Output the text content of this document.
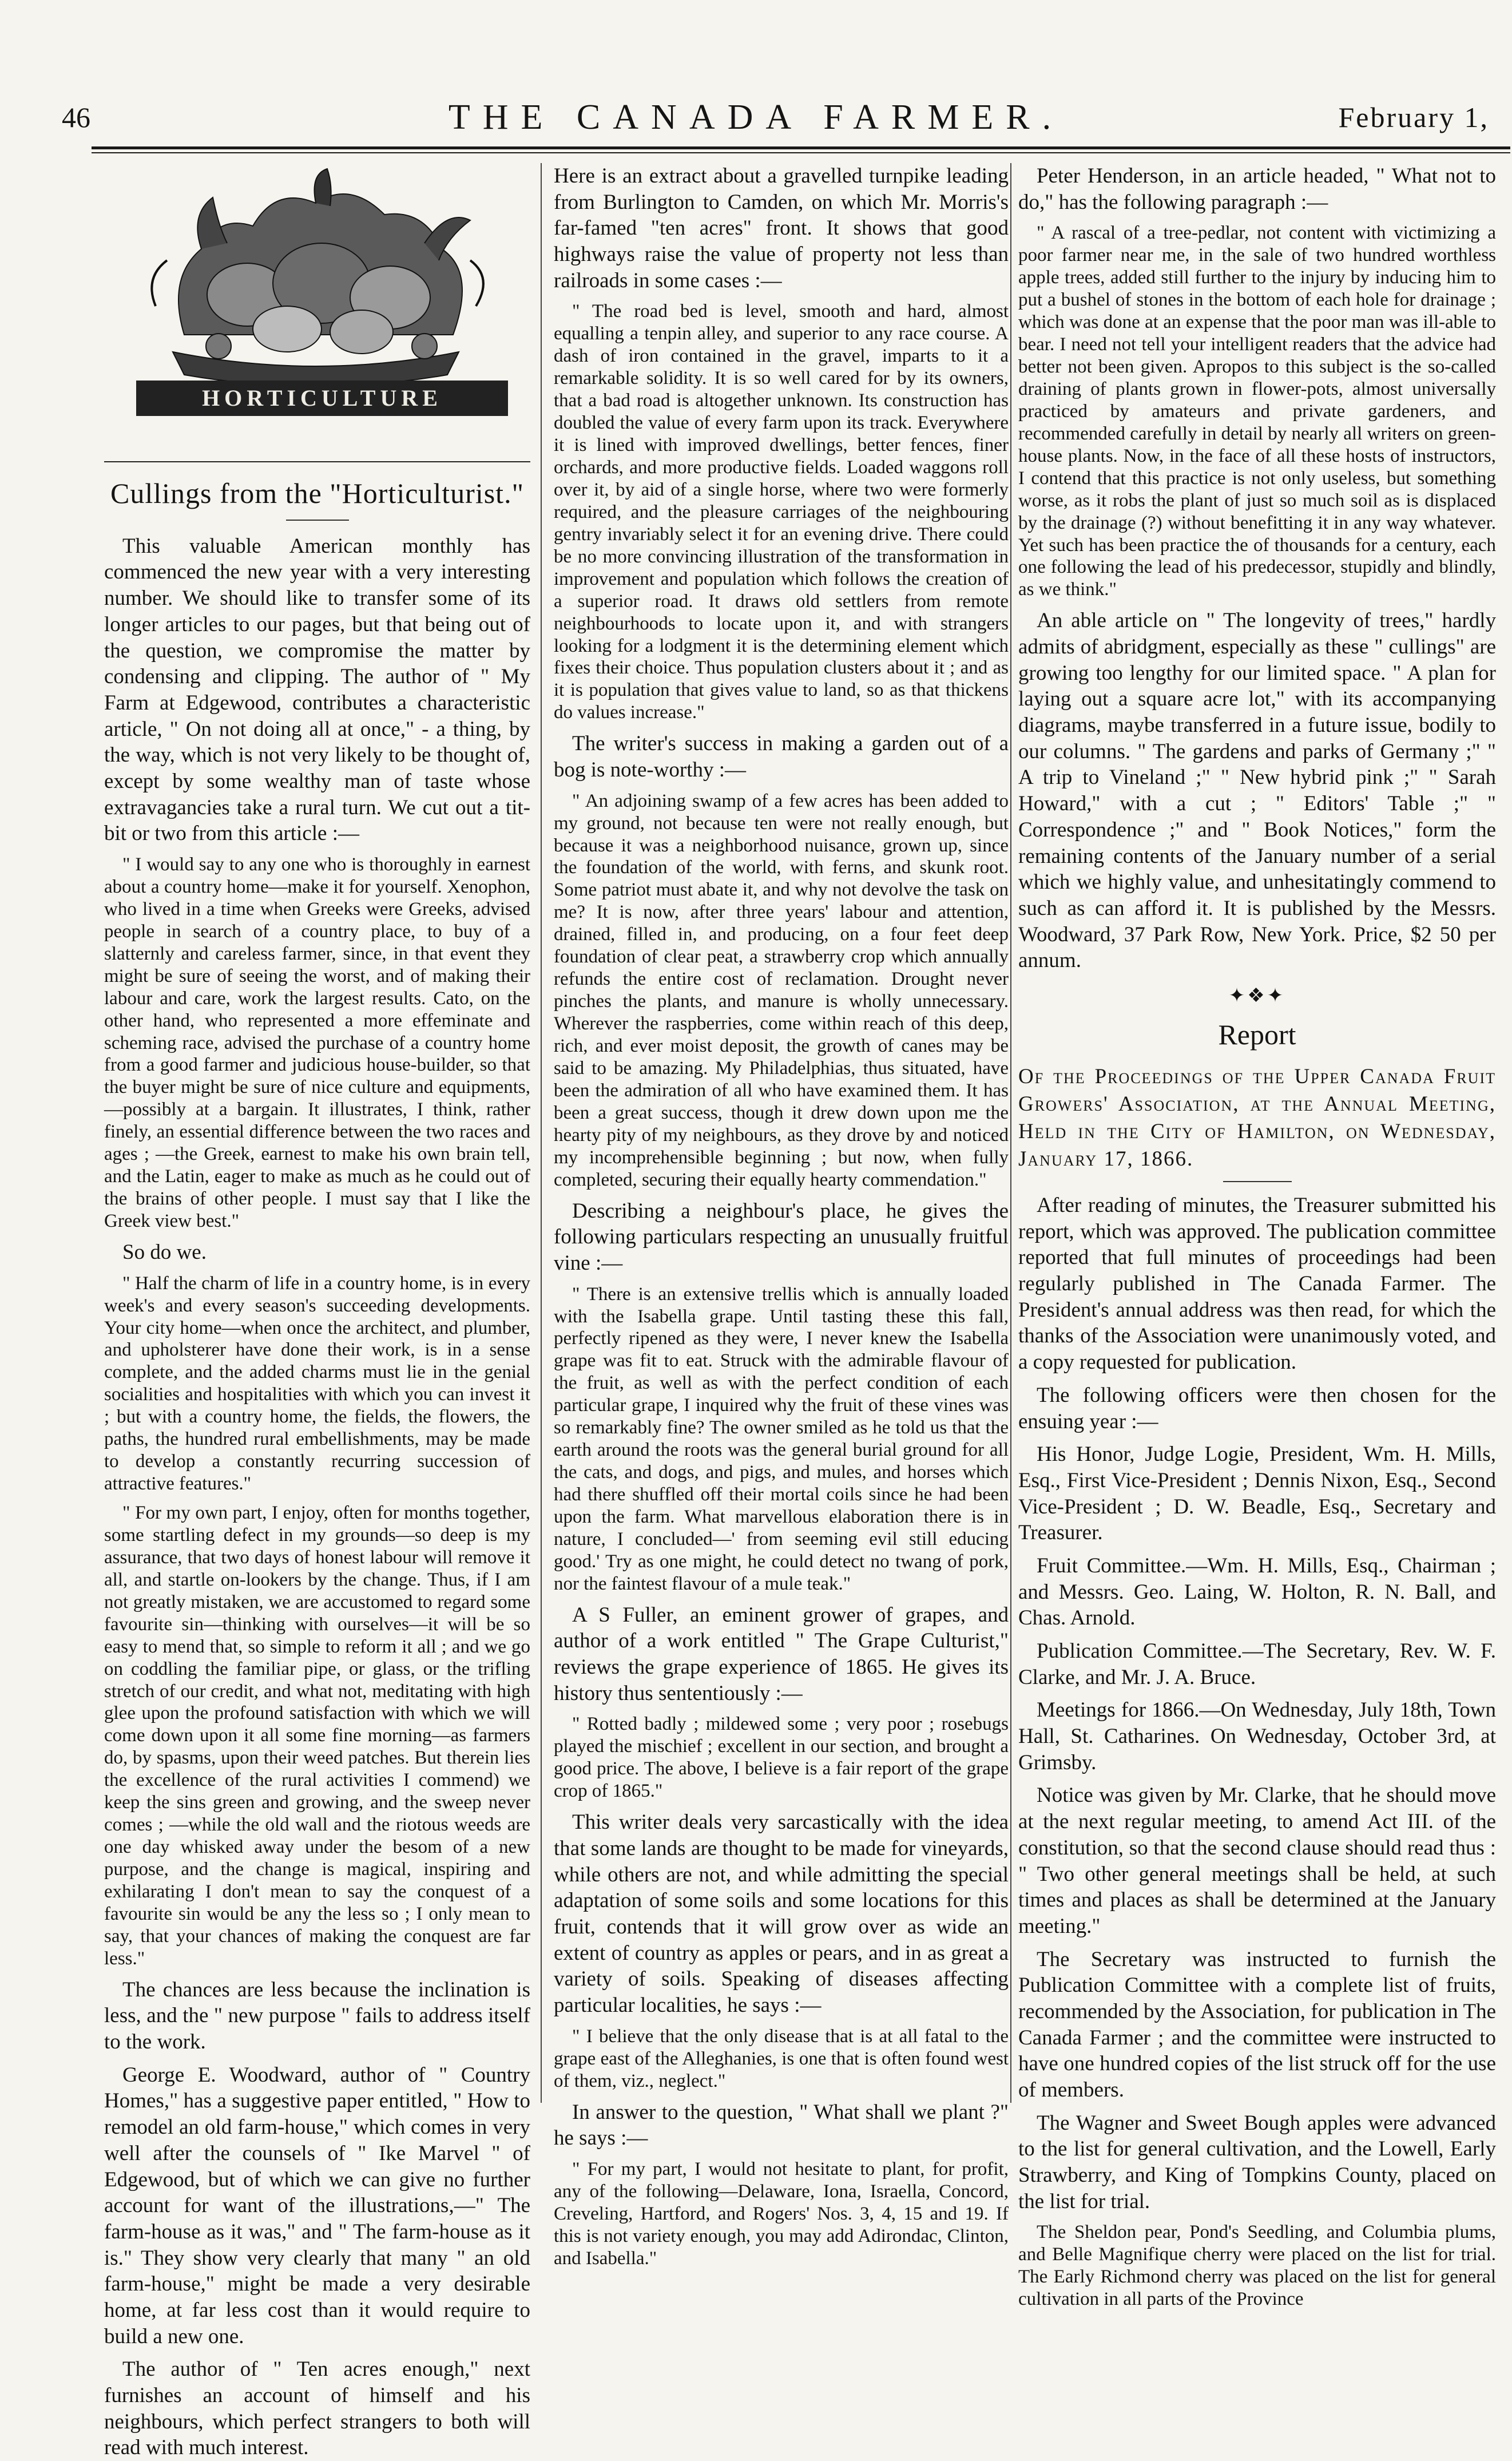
46	THE CANADA FARMER.	February 1,
HORTICULTURE
Cullings from the "Horticulturist."

This valuable American monthly has commenced the new year with a very interesting number. We should like to transfer some of its longer articles to our pages, but that being out of the question, we compromise the matter by condensing and clipping. The author of " My Farm at Edgewood, contributes a characteristic article, " On not doing all at once," - a thing, by the way, which is not very likely to be thought of, except by some wealthy man of taste whose extravagancies take a rural turn. We cut out a tit-bit or two from this article :—

" I would say to any one who is thoroughly in earnest about a country home—make it for yourself. Xenophon, who lived in a time when Greeks were Greeks, advised people in search of a country place, to buy of a slatternly and careless farmer, since, in that event they might be sure of seeing the worst, and of making their labour and care, work the largest results. Cato, on the other hand, who represented a more effeminate and scheming race, advised the purchase of a country home from a good farmer and judicious house-builder, so that the buyer might be sure of nice culture and equipments,—possibly at a bargain. It illustrates, I think, rather finely, an essential difference between the two races and ages ; —the Greek, earnest to make his own brain tell, and the Latin, eager to make as much as he could out of the brains of other people. I must say that I like the Greek view best."

So do we.

" Half the charm of life in a country home, is in every week's and every season's succeeding developments. Your city home—when once the architect, and plumber, and upholsterer have done their work, is in a sense complete, and the added charms must lie in the genial socialities and hospitalities with which you can invest it ; but with a country home, the fields, the flowers, the paths, the hundred rural embellishments, may be made to develop a constantly recurring succession of attractive features."

" For my own part, I enjoy, often for months together, some startling defect in my grounds—so deep is my assurance, that two days of honest labour will remove it all, and startle on-lookers by the change. Thus, if I am not greatly mistaken, we are accustomed to regard some favourite sin—thinking with ourselves—it will be so easy to mend that, so simple to reform it all ; and we go on coddling the familiar pipe, or glass, or the trifling stretch of our credit, and what not, meditating with high glee upon the profound satisfaction with which we will come down upon it all some fine morning—as farmers do, by spasms, upon their weed patches. But therein lies the excellence of the rural activities I commend) we keep the sins green and growing, and the sweep never comes ; —while the old wall and the riotous weeds are one day whisked away under the besom of a new purpose, and the change is magical, inspiring and exhilarating I don't mean to say the conquest of a favourite sin would be any the less so ; I only mean to say, that your chances of making the conquest are far less."

The chances are less because the inclination is less, and the " new purpose " fails to address itself to the work.

George E. Woodward, author of " Country Homes," has a suggestive paper entitled, " How to remodel an old farm-house," which comes in very well after the counsels of " Ike Marvel " of Edgewood, but of which we can give no further account for want of the illustrations,—" The farm-house as it was," and " The farm-house as it is." They show very clearly that many " an old farm-house," might be made a very desirable home, at far less cost than it would require to build a new one.

The author of " Ten acres enough," next furnishes an account of himself and his neighbours, which perfect strangers to both will read with much interest.

Here is an extract about a gravelled turnpike leading from Burlington to Camden, on which Mr. Morris's far-famed "ten acres" front. It shows that good highways raise the value of property not less than railroads in some cases :—

" The road bed is level, smooth and hard, almost equalling a tenpin alley, and superior to any race course. A dash of iron contained in the gravel, imparts to it a remarkable solidity. It is so well cared for by its owners, that a bad road is altogether unknown. Its construction has doubled the value of every farm upon its track. Everywhere it is lined with improved dwellings, better fences, finer orchards, and more productive fields. Loaded waggons roll over it, by aid of a single horse, where two were formerly required, and the pleasure carriages of the neighbouring gentry invariably select it for an evening drive. There could be no more convincing illustration of the transformation in improvement and population which follows the creation of a superior road. It draws old settlers from remote neighbourhoods to locate upon it, and with strangers looking for a lodgment it is the determining element which fixes their choice. Thus population clusters about it ; and as it is population that gives value to land, so as that thickens do values increase."

The writer's success in making a garden out of a bog is note-worthy :—

" An adjoining swamp of a few acres has been added to my ground, not because ten were not really enough, but because it was a neighborhood nuisance, grown up, since the foundation of the world, with ferns, and skunk root. Some patriot must abate it, and why not devolve the task on me? It is now, after three years' labour and attention, drained, filled in, and producing, on a four feet deep foundation of clear peat, a strawberry crop which annually refunds the entire cost of reclamation. Drought never pinches the plants, and manure is wholly unnecessary. Wherever the raspberries, come within reach of this deep, rich, and ever moist deposit, the growth of canes may be said to be amazing. My Philadelphias, thus situated, have been the admiration of all who have examined them. It has been a great success, though it drew down upon me the hearty pity of my neighbours, as they drove by and noticed my incomprehensible beginning ; but now, when fully completed, securing their equally hearty commendation."

Describing a neighbour's place, he gives the following particulars respecting an unusually fruitful vine :—

" There is an extensive trellis which is annually loaded with the Isabella grape. Until tasting these this fall, perfectly ripened as they were, I never knew the Isabella grape was fit to eat. Struck with the admirable flavour of the fruit, as well as with the perfect condition of each particular grape, I inquired why the fruit of these vines was so remarkably fine? The owner smiled as he told us that the earth around the roots was the general burial ground for all the cats, and dogs, and pigs, and mules, and horses which had there shuffled off their mortal coils since he had been upon the farm. What marvellous elaboration there is in nature, I concluded—' from seeming evil still educing good.' Try as one might, he could detect no twang of pork, nor the faintest flavour of a mule teak."

A S Fuller, an eminent grower of grapes, and author of a work entitled " The Grape Culturist," reviews the grape experience of 1865. He gives its history thus sententiously :—

" Rotted badly ; mildewed some ; very poor ; rosebugs played the mischief ; excellent in our section, and brought a good price. The above, I believe is a fair report of the grape crop of 1865."

This writer deals very sarcastically with the idea that some lands are thought to be made for vineyards, while others are not, and while admitting the special adaptation of some soils and some locations for this fruit, contends that it will grow over as wide an extent of country as apples or pears, and in as great a variety of soils. Speaking of diseases affecting particular localities, he says :—

" I believe that the only disease that is at all fatal to the grape east of the Alleghanies, is one that is often found west of them, viz., neglect."

In answer to the question, " What shall we plant ?" he says :—

" For my part, I would not hesitate to plant, for profit, any of the following—Delaware, Iona, Israella, Concord, Creveling, Hartford, and Rogers' Nos. 3, 4, 15 and 19. If this is not variety enough, you may add Adirondac, Clinton, and Isabella."

Peter Henderson, in an article headed, " What not to do," has the following paragraph :—

" A rascal of a tree-pedlar, not content with victimizing a poor farmer near me, in the sale of two hundred worthless apple trees, added still further to the injury by inducing him to put a bushel of stones in the bottom of each hole for drainage ; which was done at an expense that the poor man was ill-able to bear. I need not tell your intelligent readers that the advice had better not been given. Apropos to this subject is the so-called draining of plants grown in flower-pots, almost universally practiced by amateurs and private gardeners, and recommended carefully in detail by nearly all writers on green-house plants. Now, in the face of all these hosts of instructors, I contend that this practice is not only useless, but something worse, as it robs the plant of just so much soil as is displaced by the drainage (?) without benefitting it in any way whatever. Yet such has been practice the of thousands for a century, each one following the lead of his predecessor, stupidly and blindly, as we think."

An able article on " The longevity of trees," hardly admits of abridgment, especially as these " cullings" are growing too lengthy for our limited space. " A plan for laying out a square acre lot," with its accompanying diagrams, maybe transferred in a future issue, bodily to our columns. " The gardens and parks of Germany ;" " A trip to Vineland ;" " New hybrid pink ;" " Sarah Howard," with a cut ; " Editors' Table ;" " Correspondence ;" and " Book Notices," form the remaining contents of the January number of a serial which we highly value, and unhesitatingly commend to such as can afford it. It is published by the Messrs. Woodward, 37 Park Row, New York. Price, $2 50 per annum.

✦❖✦
Report

Of the Proceedings of the Upper Canada Fruit Growers' Association, at the Annual Meeting, Held in the City of Hamilton, on Wednesday, January 17, 1866.

After reading of minutes, the Treasurer submitted his report, which was approved. The publication committee reported that full minutes of proceedings had been regularly published in The Canada Farmer. The President's annual address was then read, for which the thanks of the Association were unanimously voted, and a copy requested for publication.

The following officers were then chosen for the ensuing year :—

His Honor, Judge Logie, President, Wm. H. Mills, Esq., First Vice-President ; Dennis Nixon, Esq., Second Vice-President ; D. W. Beadle, Esq., Secretary and Treasurer.

Fruit Committee.—Wm. H. Mills, Esq., Chairman ; and Messrs. Geo. Laing, W. Holton, R. N. Ball, and Chas. Arnold.

Publication Committee.—The Secretary, Rev. W. F. Clarke, and Mr. J. A. Bruce.

Meetings for 1866.—On Wednesday, July 18th, Town Hall, St. Catharines. On Wednesday, October 3rd, at Grimsby.

Notice was given by Mr. Clarke, that he should move at the next regular meeting, to amend Act III. of the constitution, so that the second clause should read thus : " Two other general meetings shall be held, at such times and places as shall be determined at the January meeting."

The Secretary was instructed to furnish the Publication Committee with a complete list of fruits, recommended by the Association, for publication in The Canada Farmer ; and the committee were instructed to have one hundred copies of the list struck off for the use of members.

The Wagner and Sweet Bough apples were advanced to the list for general cultivation, and the Lowell, Early Strawberry, and King of Tompkins County, placed on the list for trial.

The Sheldon pear, Pond's Seedling, and Columbia plums, and Belle Magnifique cherry were placed on the list for trial. The Early Richmond cherry was placed on the list for general cultivation in all parts of the Province
